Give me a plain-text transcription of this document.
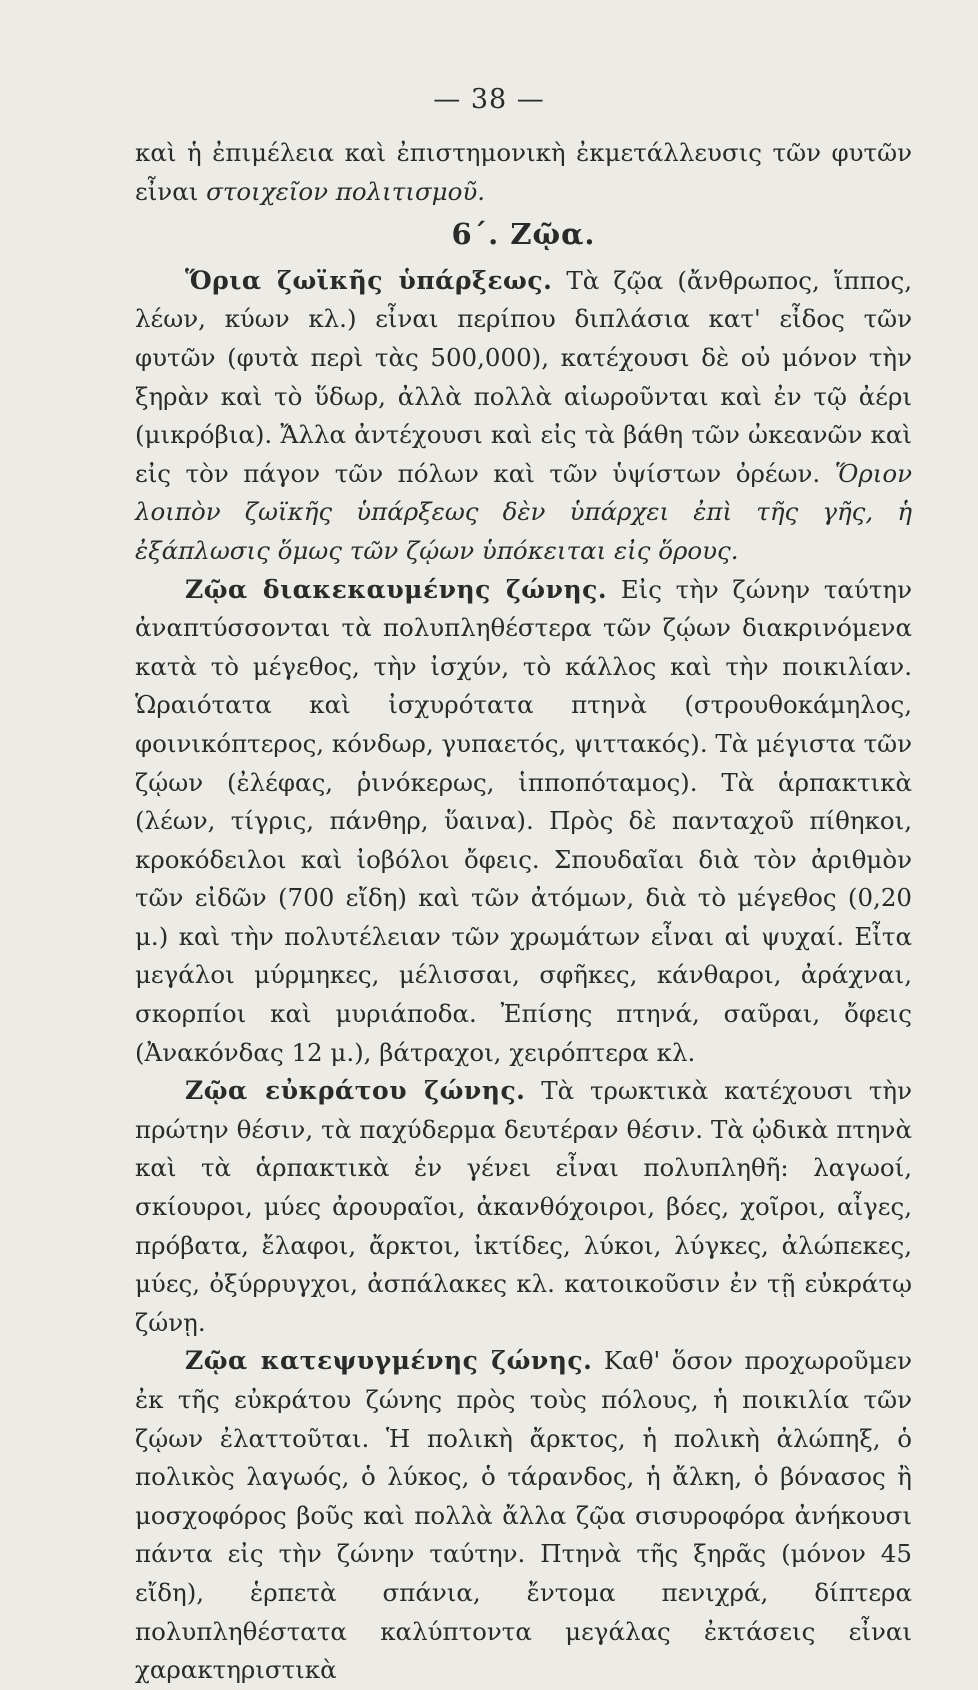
— 38 —

καὶ ἡ ἐπιμέλεια καὶ ἐπιστημονικὴ ἐκμετάλλευσις τῶν φυτῶν εἶναι στοιχεῖον πολιτισμοῦ.

6΄. Ζῷα.

Ὅρια ζωϊκῆς ὑπάρξεως. Τὰ ζῷα (ἄνθρωπος, ἵππος, λέων, κύων κλ.) εἶναι περίπου διπλάσια κατ' εἶδος τῶν φυτῶν (φυτὰ περὶ τὰς 500,000), κατέχουσι δὲ οὐ μόνον τὴν ξηρὰν καὶ τὸ ὕδωρ, ἀλλὰ πολλὰ αἰωροῦνται καὶ ἐν τῷ ἀέρι (μικρόβια). Ἄλλα ἀντέχουσι καὶ εἰς τὰ βάθη τῶν ὠκεανῶν καὶ εἰς τὸν πάγον τῶν πόλων καὶ τῶν ὑψίστων ὀρέων. Ὅριον λοιπὸν ζωϊκῆς ὑπάρξεως δὲν ὑπάρχει ἐπὶ τῆς γῆς, ἡ ἐξάπλωσις ὅμως τῶν ζῴων ὑπόκειται εἰς ὅρους.

Ζῷα διακεκαυμένης ζώνης. Εἰς τὴν ζώνην ταύτην ἀναπτύσσονται τὰ πολυπληθέστερα τῶν ζῴων διακρινόμενα κατὰ τὸ μέγεθος, τὴν ἰσχύν, τὸ κάλλος καὶ τὴν ποικιλίαν. Ὡραιότατα καὶ ἰσχυρότατα πτηνὰ (στρουθοκάμηλος, φοινικόπτερος, κόνδωρ, γυπαετός, ψιττακός). Τὰ μέγιστα τῶν ζῴων (ἐλέφας, ῥινόκερως, ἱπποπόταμος). Τὰ ἁρπακτικὰ (λέων, τίγρις, πάνθηρ, ὕαινα). Πρὸς δὲ πανταχοῦ πίθηκοι, κροκόδειλοι καὶ ἰοβόλοι ὄφεις. Σπουδαῖαι διὰ τὸν ἀριθμὸν τῶν εἰδῶν (700 εἴδη) καὶ τῶν ἀτόμων, διὰ τὸ μέγεθος (0,20 μ.) καὶ τὴν πολυτέλειαν τῶν χρωμάτων εἶναι αἱ ψυχαί. Εἶτα μεγάλοι μύρμηκες, μέλισσαι, σφῆκες, κάνθαροι, ἀράχναι, σκορπίοι καὶ μυριάποδα. Ἐπίσης πτηνά, σαῦραι, ὄφεις (Ἀνακόνδας 12 μ.), βάτραχοι, χειρόπτερα κλ.

Ζῷα εὐκράτου ζώνης. Τὰ τρωκτικὰ κατέχουσι τὴν πρώτην θέσιν, τὰ παχύδερμα δευτέραν θέσιν. Τὰ ᾠδικὰ πτηνὰ καὶ τὰ ἁρπακτικὰ ἐν γένει εἶναι πολυπληθῆ: λαγωοί, σκίουροι, μύες ἀρουραῖοι, ἀκανθόχοιροι, βόες, χοῖροι, αἶγες, πρόβατα, ἔλαφοι, ἄρκτοι, ἰκτίδες, λύκοι, λύγκες, ἀλώπεκες, μύες, ὀξύρρυγχοι, ἀσπάλακες κλ. κατοικοῦσιν ἐν τῇ εὐκράτῳ ζώνῃ.

Ζῷα κατεψυγμένης ζώνης. Καθ' ὅσον προχωροῦμεν ἐκ τῆς εὐκράτου ζώνης πρὸς τοὺς πόλους, ἡ ποικιλία τῶν ζῴων ἐλαττοῦται. Ἡ πολικὴ ἄρκτος, ἡ πολικὴ ἀλώπηξ, ὁ πολικὸς λαγωός, ὁ λύκος, ὁ τάρανδος, ἡ ἄλκη, ὁ βόνασος ἢ μοσχοφόρος βοῦς καὶ πολλὰ ἄλλα ζῷα σισυροφόρα ἀνήκουσι πάντα εἰς τὴν ζώνην ταύτην. Πτηνὰ τῆς ξηρᾶς (μόνον 45 εἴδη), ἑρπετὰ σπάνια, ἔντομα πενιχρά, δίπτερα πολυπληθέστατα καλύπτοντα μεγάλας ἐκτάσεις εἶναι χαρακτηριστικὰ
